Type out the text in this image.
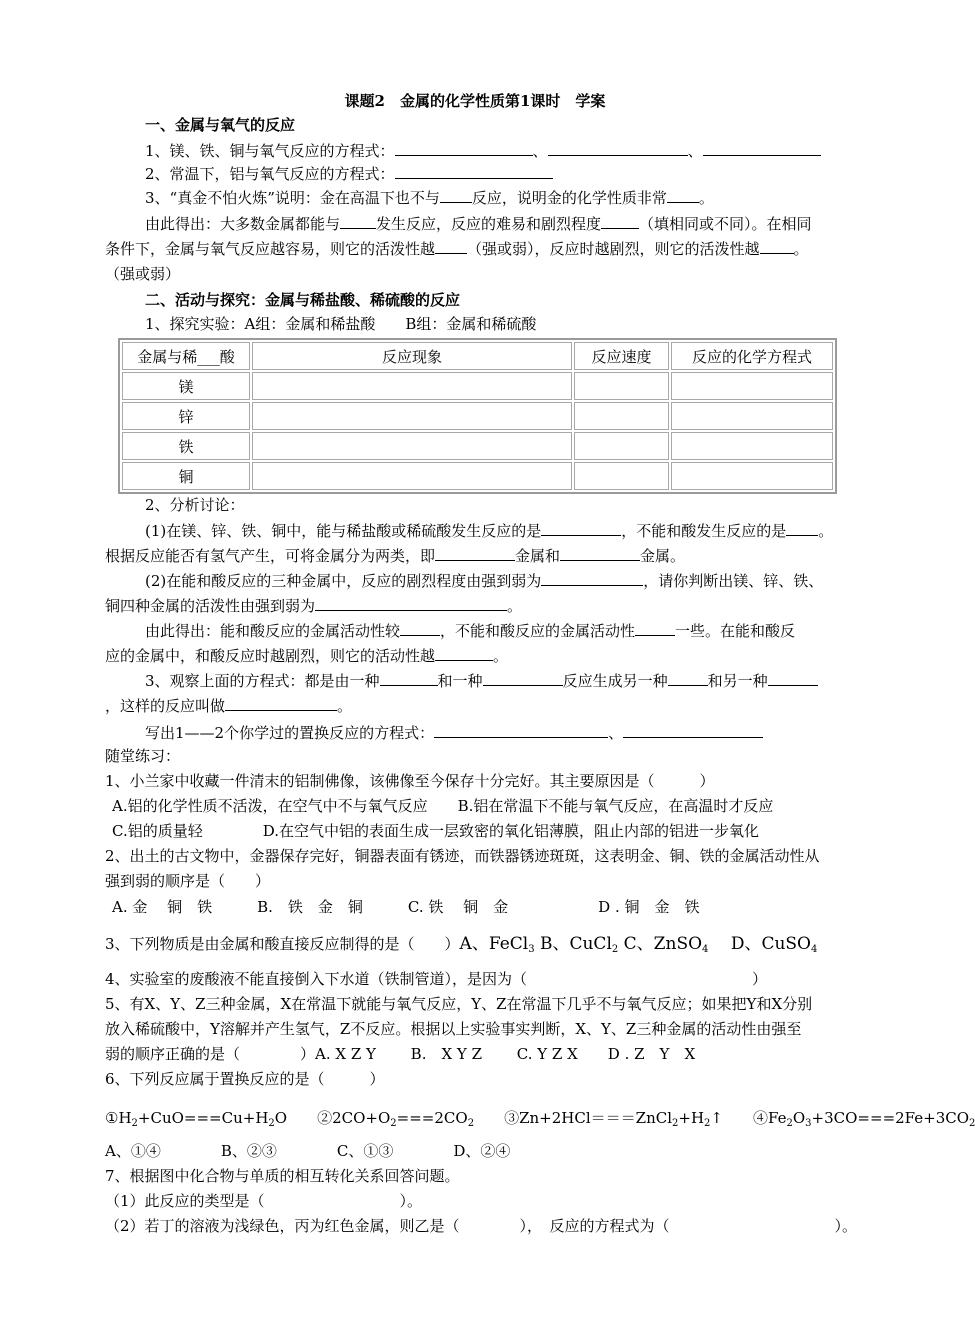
课题2　金属的化学性质第1课时　学案
一、金属与氧气的反应
1、镁、铁、铜与氧气反应的方程式：	、	、
2、常温下，铝与氧气反应的方程式：
3、“真金不怕火炼”说明：金在高温下也不与 反应，说明金的化学性质非常 。
由此得出：大多数金属都能与 发生反应，反应的难易和剧烈程度	（填相同或不同）。在相同
条件下，金属与氧气反应越容易，则它的活泼性越 （强或弱），反应时越剧烈，则它的活泼性越 。
（强或弱）
二、活动与探究：金属与稀盐酸、稀硫酸的反应
1、探究实验：A组：金属和稀盐酸　　B组：金属和稀硫酸
金属与稀___酸	反应现象	反应速度	反应的化学方程式
镁			
锌			
铁			
铜			
2、分析讨论：
(1)在镁、锌、铁、铜中，能与稀盐酸或稀硫酸发生反应的是	，不能和酸发生反应的是 。
根据反应能否有氢气产生，可将金属分为两类，即	金属和	金属。
(2)在能和酸反应的三种金属中，反应的剧烈程度由强到弱为	，请你判断出镁、锌、铁、
铜四种金属的活泼性由强到弱为	。
由此得出：能和酸反应的金属活动性较	，不能和酸反应的金属活动性	一些。在能和酸反
应的金属中，和酸反应时越剧烈，则它的活动性越	。
3、观察上面的方程式：都是由一种	和一种	反应生成另一种	和另一种
，这样的反应叫做	。
写出1——2个你学过的置换反应的方程式：	、
随堂练习：
1、小兰家中收藏一件清末的铝制佛像，该佛像至今保存十分完好。其主要原因是（　　　）
A.铝的化学性质不活泼，在空气中不与氧气反应　　B.铝在常温下不能与氧气反应，在高温时才反应
C.铝的质量轻　　　　D.在空气中铝的表面生成一层致密的氧化铝薄膜，阻止内部的铝进一步氧化
2、出土的古文物中，金器保存完好，铜器表面有锈迹，而铁器锈迹斑斑，这表明金、铜、铁的金属活动性从
强到弱的顺序是（　　）
A. 金　 铜　铁　　　B.　铁　金　铜　　　C. 铁　 铜　金　　　　　　D . 铜　金　铁
3、下列物质是由金属和酸直接反应制得的是（　　）A、FeCl$_3$ B、CuCl$_2$ C、ZnSO$_4$　 D、CuSO$_4$
4、实验室的废酸液不能直接倒入下水道（铁制管道），是因为（　　　　　　　　　　　　　　　）
5、有X、Y、Z三种金属，X在常温下就能与氧气反应，Y、Z在常温下几乎不与氧气反应；如果把Y和X分别
放入稀硫酸中，Y溶解并产生氢气，Z不反应。根据以上实验事实判断，X、Y、Z三种金属的活动性由强至
弱的顺序正确的是（　　　　）A. X Z Y　　 B.　X Y Z　　 C. Y Z X　　D . Z　Y　X
6、下列反应属于置换反应的是（　　　）
$①H_2+CuO===Cu+H_2O$　　 $②2CO+O_2===2CO_2$　　 $③Zn+2HCl===ZnCl_2+H_2↑$　　 $④Fe_2O_3+3CO===2Fe+3CO_2$
A、①④　　　　B、②③　　　　C、①③　　　　D、②④
7、根据图中化合物与单质的相互转化关系回答问题。
（1）此反应的类型是（　　　　　　　　　）。
（2）若丁的溶液为浅绿色，丙为红色金属，则乙是（　　　　），　反应的方程式为（　　　　　　　　　　　）。
